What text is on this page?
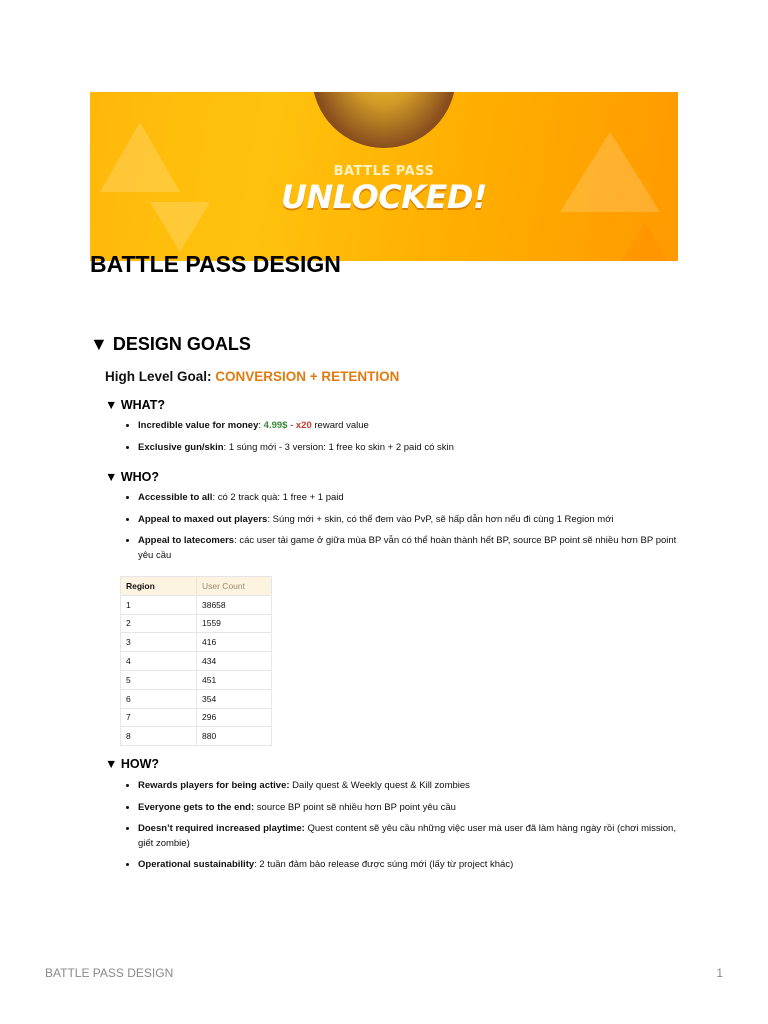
BATTLE PASS
UNLOCKED!
BATTLE PASS DESIGN
▼ DESIGN GOALS
High Level Goal: CONVERSION + RETENTION
▼ WHAT?
• Incredible value for money: 4.99$ - x20 reward value
• Exclusive gun/skin: 1 súng mới - 3 version: 1 free ko skin + 2 paid có skin
▼ WHO?
• Accessible to all: có 2 track quà: 1 free + 1 paid
• Appeal to maxed out players: Súng mới + skin, có thể đem vào PvP, sẽ hấp dẫn hơn nếu đi cùng 1 Region mới
• Appeal to latecomers: các user tải game ở giữa mùa BP vẫn có thể hoàn thành hết BP, source BP point sẽ nhiều hơn BP point yêu cầu
Region	User Count
1	38658
2	1559
3	416
4	434
5	451
6	354
7	296
8	880
▼ HOW?
• Rewards players for being active: Daily quest & Weekly quest & Kill zombies
• Everyone gets to the end: source BP point sẽ nhiều hơn BP point yêu cầu
• Doesn’t required increased playtime: Quest content sẽ yêu cầu những việc user mà user đã làm hàng ngày rồi (chơi mission, giết zombie)
• Operational sustainability: 2 tuần đảm bảo release được súng mới (lấy từ project khác)
BATTLE PASS DESIGN	1
